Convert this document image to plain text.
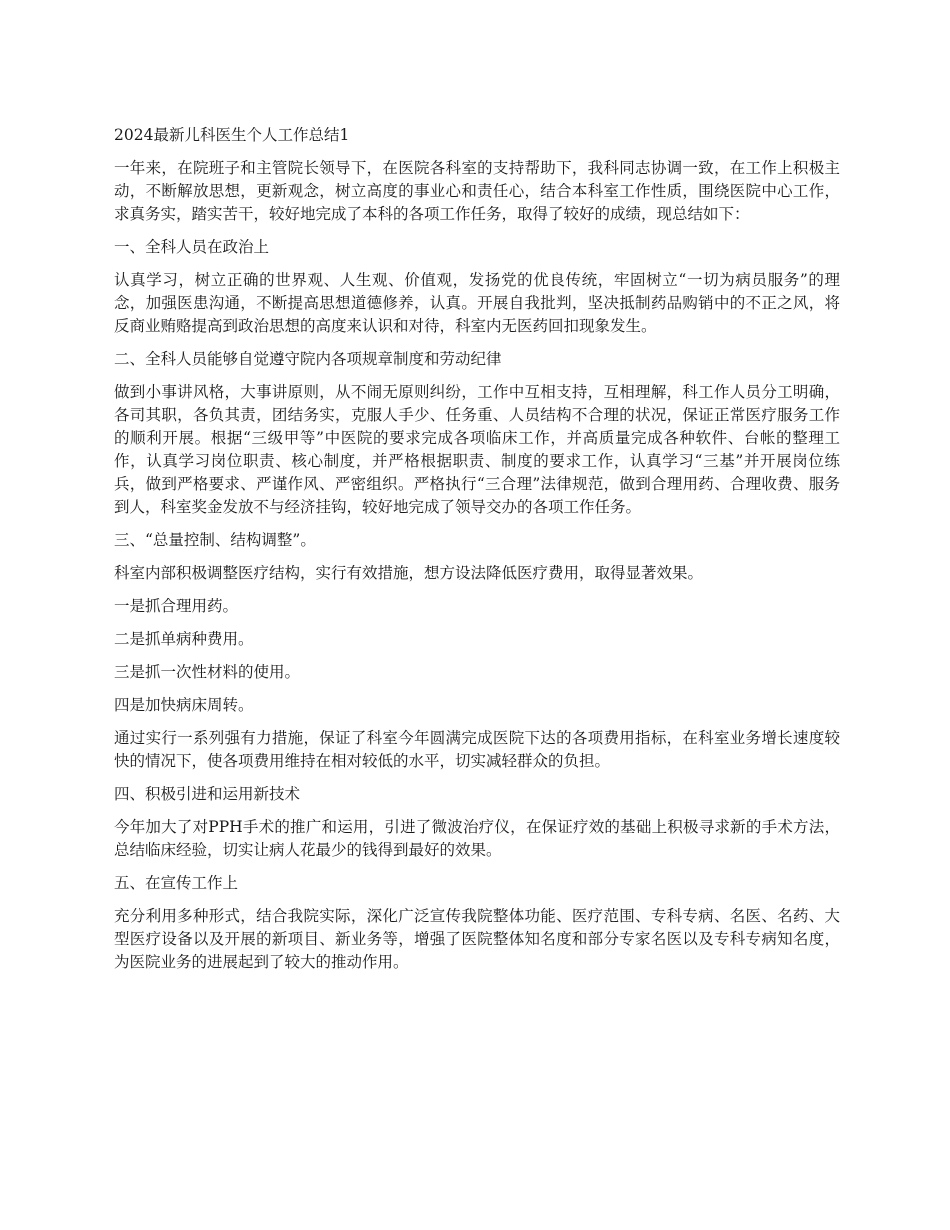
2024最新儿科医生个人工作总结1

一年来，在院班子和主管院长领导下，在医院各科室的支持帮助下，我科同志协调一致，在工作上积极主动，不断解放思想，更新观念，树立高度的事业心和责任心，结合本科室工作性质，围绕医院中心工作，求真务实，踏实苦干，较好地完成了本科的各项工作任务，取得了较好的成绩，现总结如下：

一、全科人员在政治上

认真学习，树立正确的世界观、人生观、价值观，发扬党的优良传统，牢固树立“一切为病员服务”的理念，加强医患沟通，不断提高思想道德修养，认真。开展自我批判，坚决抵制药品购销中的不正之风，将反商业贿赂提高到政治思想的高度来认识和对待，科室内无医药回扣现象发生。

二、全科人员能够自觉遵守院内各项规章制度和劳动纪律

做到小事讲风格，大事讲原则，从不闹无原则纠纷，工作中互相支持，互相理解，科工作人员分工明确，各司其职，各负其责，团结务实，克服人手少、任务重、人员结构不合理的状况，保证正常医疗服务工作的顺利开展。根据“三级甲等”中医院的要求完成各项临床工作，并高质量完成各种软件、台帐的整理工作，认真学习岗位职责、核心制度，并严格根据职责、制度的要求工作，认真学习“三基”并开展岗位练兵，做到严格要求、严谨作风、严密组织。严格执行“三合理”法律规范，做到合理用药、合理收费、服务到人，科室奖金发放不与经济挂钩，较好地完成了领导交办的各项工作任务。

三、“总量控制、结构调整”。

科室内部积极调整医疗结构，实行有效措施，想方设法降低医疗费用，取得显著效果。

一是抓合理用药。

二是抓单病种费用。

三是抓一次性材料的使用。

四是加快病床周转。

通过实行一系列强有力措施，保证了科室今年圆满完成医院下达的各项费用指标，在科室业务增长速度较快的情况下，使各项费用维持在相对较低的水平，切实减轻群众的负担。

四、积极引进和运用新技术

今年加大了对PPH手术的推广和运用，引进了微波治疗仪，在保证疗效的基础上积极寻求新的手术方法，总结临床经验，切实让病人花最少的钱得到最好的效果。

五、在宣传工作上

充分利用多种形式，结合我院实际，深化广泛宣传我院整体功能、医疗范围、专科专病、名医、名药、大型医疗设备以及开展的新项目、新业务等，增强了医院整体知名度和部分专家名医以及专科专病知名度，为医院业务的进展起到了较大的推动作用。
